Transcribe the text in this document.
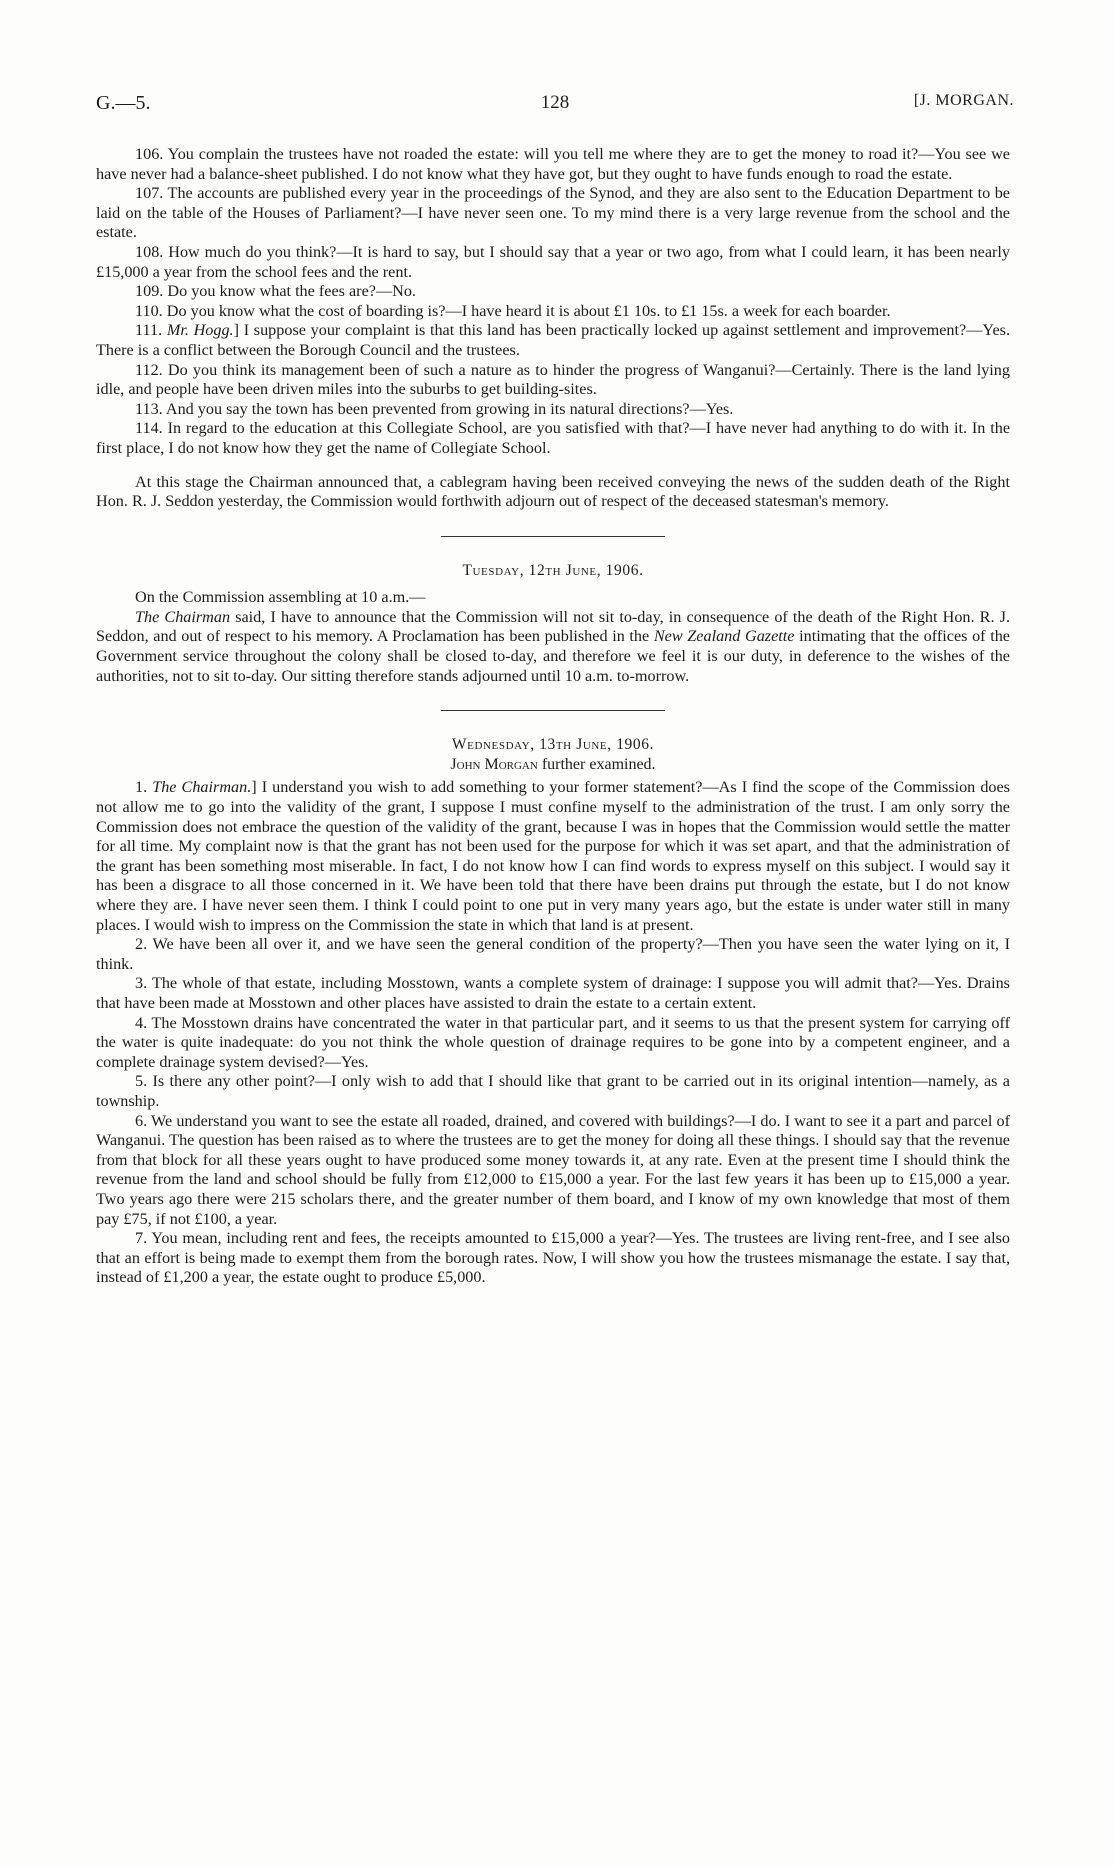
G.—5.	128	[J. MORGAN.

106. You complain the trustees have not roaded the estate: will you tell me where they are to get the money to road it?—You see we have never had a balance-sheet published. I do not know what they have got, but they ought to have funds enough to road the estate.

107. The accounts are published every year in the proceedings of the Synod, and they are also sent to the Education Department to be laid on the table of the Houses of Parliament?—I have never seen one. To my mind there is a very large revenue from the school and the estate.

108. How much do you think?—It is hard to say, but I should say that a year or two ago, from what I could learn, it has been nearly £15,000 a year from the school fees and the rent.

109. Do you know what the fees are?—No.

110. Do you know what the cost of boarding is?—I have heard it is about £1 10s. to £1 15s. a week for each boarder.

111. Mr. Hogg.] I suppose your complaint is that this land has been practically locked up against settlement and improvement?—Yes. There is a conflict between the Borough Council and the trustees.

112. Do you think its management been of such a nature as to hinder the progress of Wanganui?—Certainly. There is the land lying idle, and people have been driven miles into the suburbs to get building-sites.

113. And you say the town has been prevented from growing in its natural directions?—Yes.

114. In regard to the education at this Collegiate School, are you satisfied with that?—I have never had anything to do with it. In the first place, I do not know how they get the name of Collegiate School.

At this stage the Chairman announced that, a cablegram having been received conveying the news of the sudden death of the Right Hon. R. J. Seddon yesterday, the Commission would forthwith adjourn out of respect of the deceased statesman's memory.

Tuesday, 12th June, 1906.

On the Commission assembling at 10 a.m.—

The Chairman said, I have to announce that the Commission will not sit to-day, in consequence of the death of the Right Hon. R. J. Seddon, and out of respect to his memory. A Proclamation has been published in the New Zealand Gazette intimating that the offices of the Government service throughout the colony shall be closed to-day, and therefore we feel it is our duty, in deference to the wishes of the authorities, not to sit to-day. Our sitting therefore stands adjourned until 10 a.m. to-morrow.

Wednesday, 13th June, 1906.

John Morgan further examined.

1. The Chairman.] I understand you wish to add something to your former statement?—As I find the scope of the Commission does not allow me to go into the validity of the grant, I suppose I must confine myself to the administration of the trust. I am only sorry the Commission does not embrace the question of the validity of the grant, because I was in hopes that the Commission would settle the matter for all time. My complaint now is that the grant has not been used for the purpose for which it was set apart, and that the administration of the grant has been something most miserable. In fact, I do not know how I can find words to express myself on this subject. I would say it has been a disgrace to all those concerned in it. We have been told that there have been drains put through the estate, but I do not know where they are. I have never seen them. I think I could point to one put in very many years ago, but the estate is under water still in many places. I would wish to impress on the Commission the state in which that land is at present.

2. We have been all over it, and we have seen the general condition of the property?—Then you have seen the water lying on it, I think.

3. The whole of that estate, including Mosstown, wants a complete system of drainage: I suppose you will admit that?—Yes. Drains that have been made at Mosstown and other places have assisted to drain the estate to a certain extent.

4. The Mosstown drains have concentrated the water in that particular part, and it seems to us that the present system for carrying off the water is quite inadequate: do you not think the whole question of drainage requires to be gone into by a competent engineer, and a complete drainage system devised?—Yes.

5. Is there any other point?—I only wish to add that I should like that grant to be carried out in its original intention—namely, as a township.

6. We understand you want to see the estate all roaded, drained, and covered with buildings?—I do. I want to see it a part and parcel of Wanganui. The question has been raised as to where the trustees are to get the money for doing all these things. I should say that the revenue from that block for all these years ought to have produced some money towards it, at any rate. Even at the present time I should think the revenue from the land and school should be fully from £12,000 to £15,000 a year. For the last few years it has been up to £15,000 a year. Two years ago there were 215 scholars there, and the greater number of them board, and I know of my own knowledge that most of them pay £75, if not £100, a year.

7. You mean, including rent and fees, the receipts amounted to £15,000 a year?—Yes. The trustees are living rent-free, and I see also that an effort is being made to exempt them from the borough rates. Now, I will show you how the trustees mismanage the estate. I say that, instead of £1,200 a year, the estate ought to produce £5,000.
